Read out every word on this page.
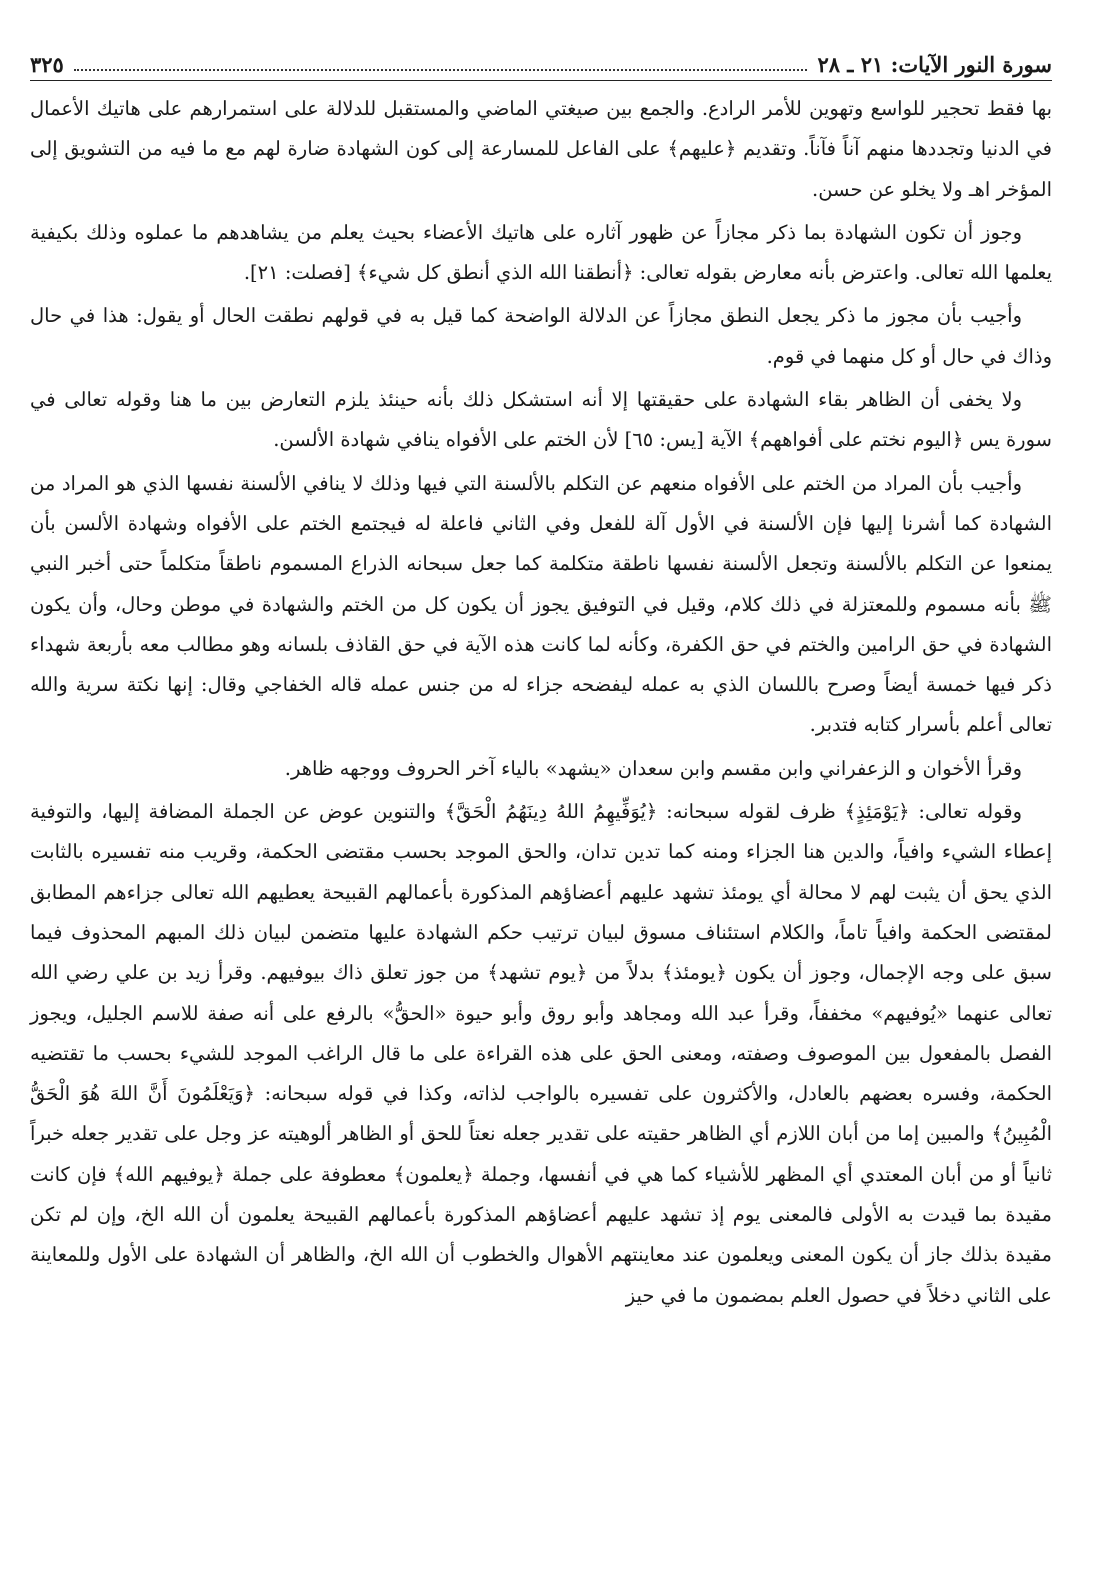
سورة النور الآيات: ٢١ ـ ٢٨
٣٢٥

بها فقط تحجير للواسع وتهوين للأمر الرادع. والجمع بين صيغتي الماضي والمستقبل للدلالة على استمرارهم على هاتيك الأعمال في الدنيا وتجددها منهم آناً فآناً. وتقديم ﴿عليهم﴾ على الفاعل للمسارعة إلى كون الشهادة ضارة لهم مع ما فيه من التشويق إلى المؤخر اهـ ولا يخلو عن حسن.

وجوز أن تكون الشهادة بما ذكر مجازاً عن ظهور آثاره على هاتيك الأعضاء بحيث يعلم من يشاهدهم ما عملوه وذلك بكيفية يعلمها الله تعالى. واعترض بأنه معارض بقوله تعالى: ﴿أنطقنا الله الذي أنطق كل شيء﴾ [فصلت: ٢١].

وأجيب بأن مجوز ما ذكر يجعل النطق مجازاً عن الدلالة الواضحة كما قيل به في قولهم نطقت الحال أو يقول: هذا في حال وذاك في حال أو كل منهما في قوم.

ولا يخفى أن الظاهر بقاء الشهادة على حقيقتها إلا أنه استشكل ذلك بأنه حينئذ يلزم التعارض بين ما هنا وقوله تعالى في سورة يس ﴿اليوم نختم على أفواههم﴾ الآية [يس: ٦٥] لأن الختم على الأفواه ينافي شهادة الألسن.

وأجيب بأن المراد من الختم على الأفواه منعهم عن التكلم بالألسنة التي فيها وذلك لا ينافي الألسنة نفسها الذي هو المراد من الشهادة كما أشرنا إليها فإن الألسنة في الأول آلة للفعل وفي الثاني فاعلة له فيجتمع الختم على الأفواه وشهادة الألسن بأن يمنعوا عن التكلم بالألسنة وتجعل الألسنة نفسها ناطقة متكلمة كما جعل سبحانه الذراع المسموم ناطقاً متكلماً حتى أخبر النبي ﷺ بأنه مسموم وللمعتزلة في ذلك كلام، وقيل في التوفيق يجوز أن يكون كل من الختم والشهادة في موطن وحال، وأن يكون الشهادة في حق الرامين والختم في حق الكفرة، وكأنه لما كانت هذه الآية في حق القاذف بلسانه وهو مطالب معه بأربعة شهداء ذكر فيها خمسة أيضاً وصرح باللسان الذي به عمله ليفضحه جزاء له من جنس عمله قاله الخفاجي وقال: إنها نكتة سرية والله تعالى أعلم بأسرار كتابه فتدبر.

وقرأ الأخوان و الزعفراني وابن مقسم وابن سعدان «يشهد» بالياء آخر الحروف ووجهه ظاهر.

وقوله تعالى: ﴿يَوْمَئِذٍ﴾ ظرف لقوله سبحانه: ﴿يُوَفِّيهِمُ اللهُ دِينَهُمُ الْحَقَّ﴾ والتنوين عوض عن الجملة المضافة إليها، والتوفية إعطاء الشيء وافياً، والدين هنا الجزاء ومنه كما تدين تدان، والحق الموجد بحسب مقتضى الحكمة، وقريب منه تفسيره بالثابت الذي يحق أن يثبت لهم لا محالة أي يومئذ تشهد عليهم أعضاؤهم المذكورة بأعمالهم القبيحة يعطيهم الله تعالى جزاءهم المطابق لمقتضى الحكمة وافياً تاماً، والكلام استئناف مسوق لبيان ترتيب حكم الشهادة عليها متضمن لبيان ذلك المبهم المحذوف فيما سبق على وجه الإجمال، وجوز أن يكون ﴿يومئذ﴾ بدلاً من ﴿يوم تشهد﴾ من جوز تعلق ذاك بيوفيهم. وقرأ زيد بن علي رضي الله تعالى عنهما «يُوفيهم» مخففاً، وقرأ عبد الله ومجاهد وأبو روق وأبو حيوة «الحقُّ» بالرفع على أنه صفة للاسم الجليل، ويجوز الفصل بالمفعول بين الموصوف وصفته، ومعنى الحق على هذه القراءة على ما قال الراغب الموجد للشيء بحسب ما تقتضيه الحكمة، وفسره بعضهم بالعادل، والأكثرون على تفسيره بالواجب لذاته، وكذا في قوله سبحانه: ﴿وَيَعْلَمُونَ أَنَّ اللهَ هُوَ الْحَقُّ الْمُبِينُ﴾ والمبين إما من أبان اللازم أي الظاهر حقيته على تقدير جعله نعتاً للحق أو الظاهر ألوهيته عز وجل على تقدير جعله خبراً ثانياً أو من أبان المعتدي أي المظهر للأشياء كما هي في أنفسها، وجملة ﴿يعلمون﴾ معطوفة على جملة ﴿يوفيهم الله﴾ فإن كانت مقيدة بما قيدت به الأولى فالمعنى يوم إذ تشهد عليهم أعضاؤهم المذكورة بأعمالهم القبيحة يعلمون أن الله الخ، وإن لم تكن مقيدة بذلك جاز أن يكون المعنى ويعلمون عند معاينتهم الأهوال والخطوب أن الله الخ، والظاهر أن الشهادة على الأول وللمعاينة على الثاني دخلاً في حصول العلم بمضمون ما في حيز
